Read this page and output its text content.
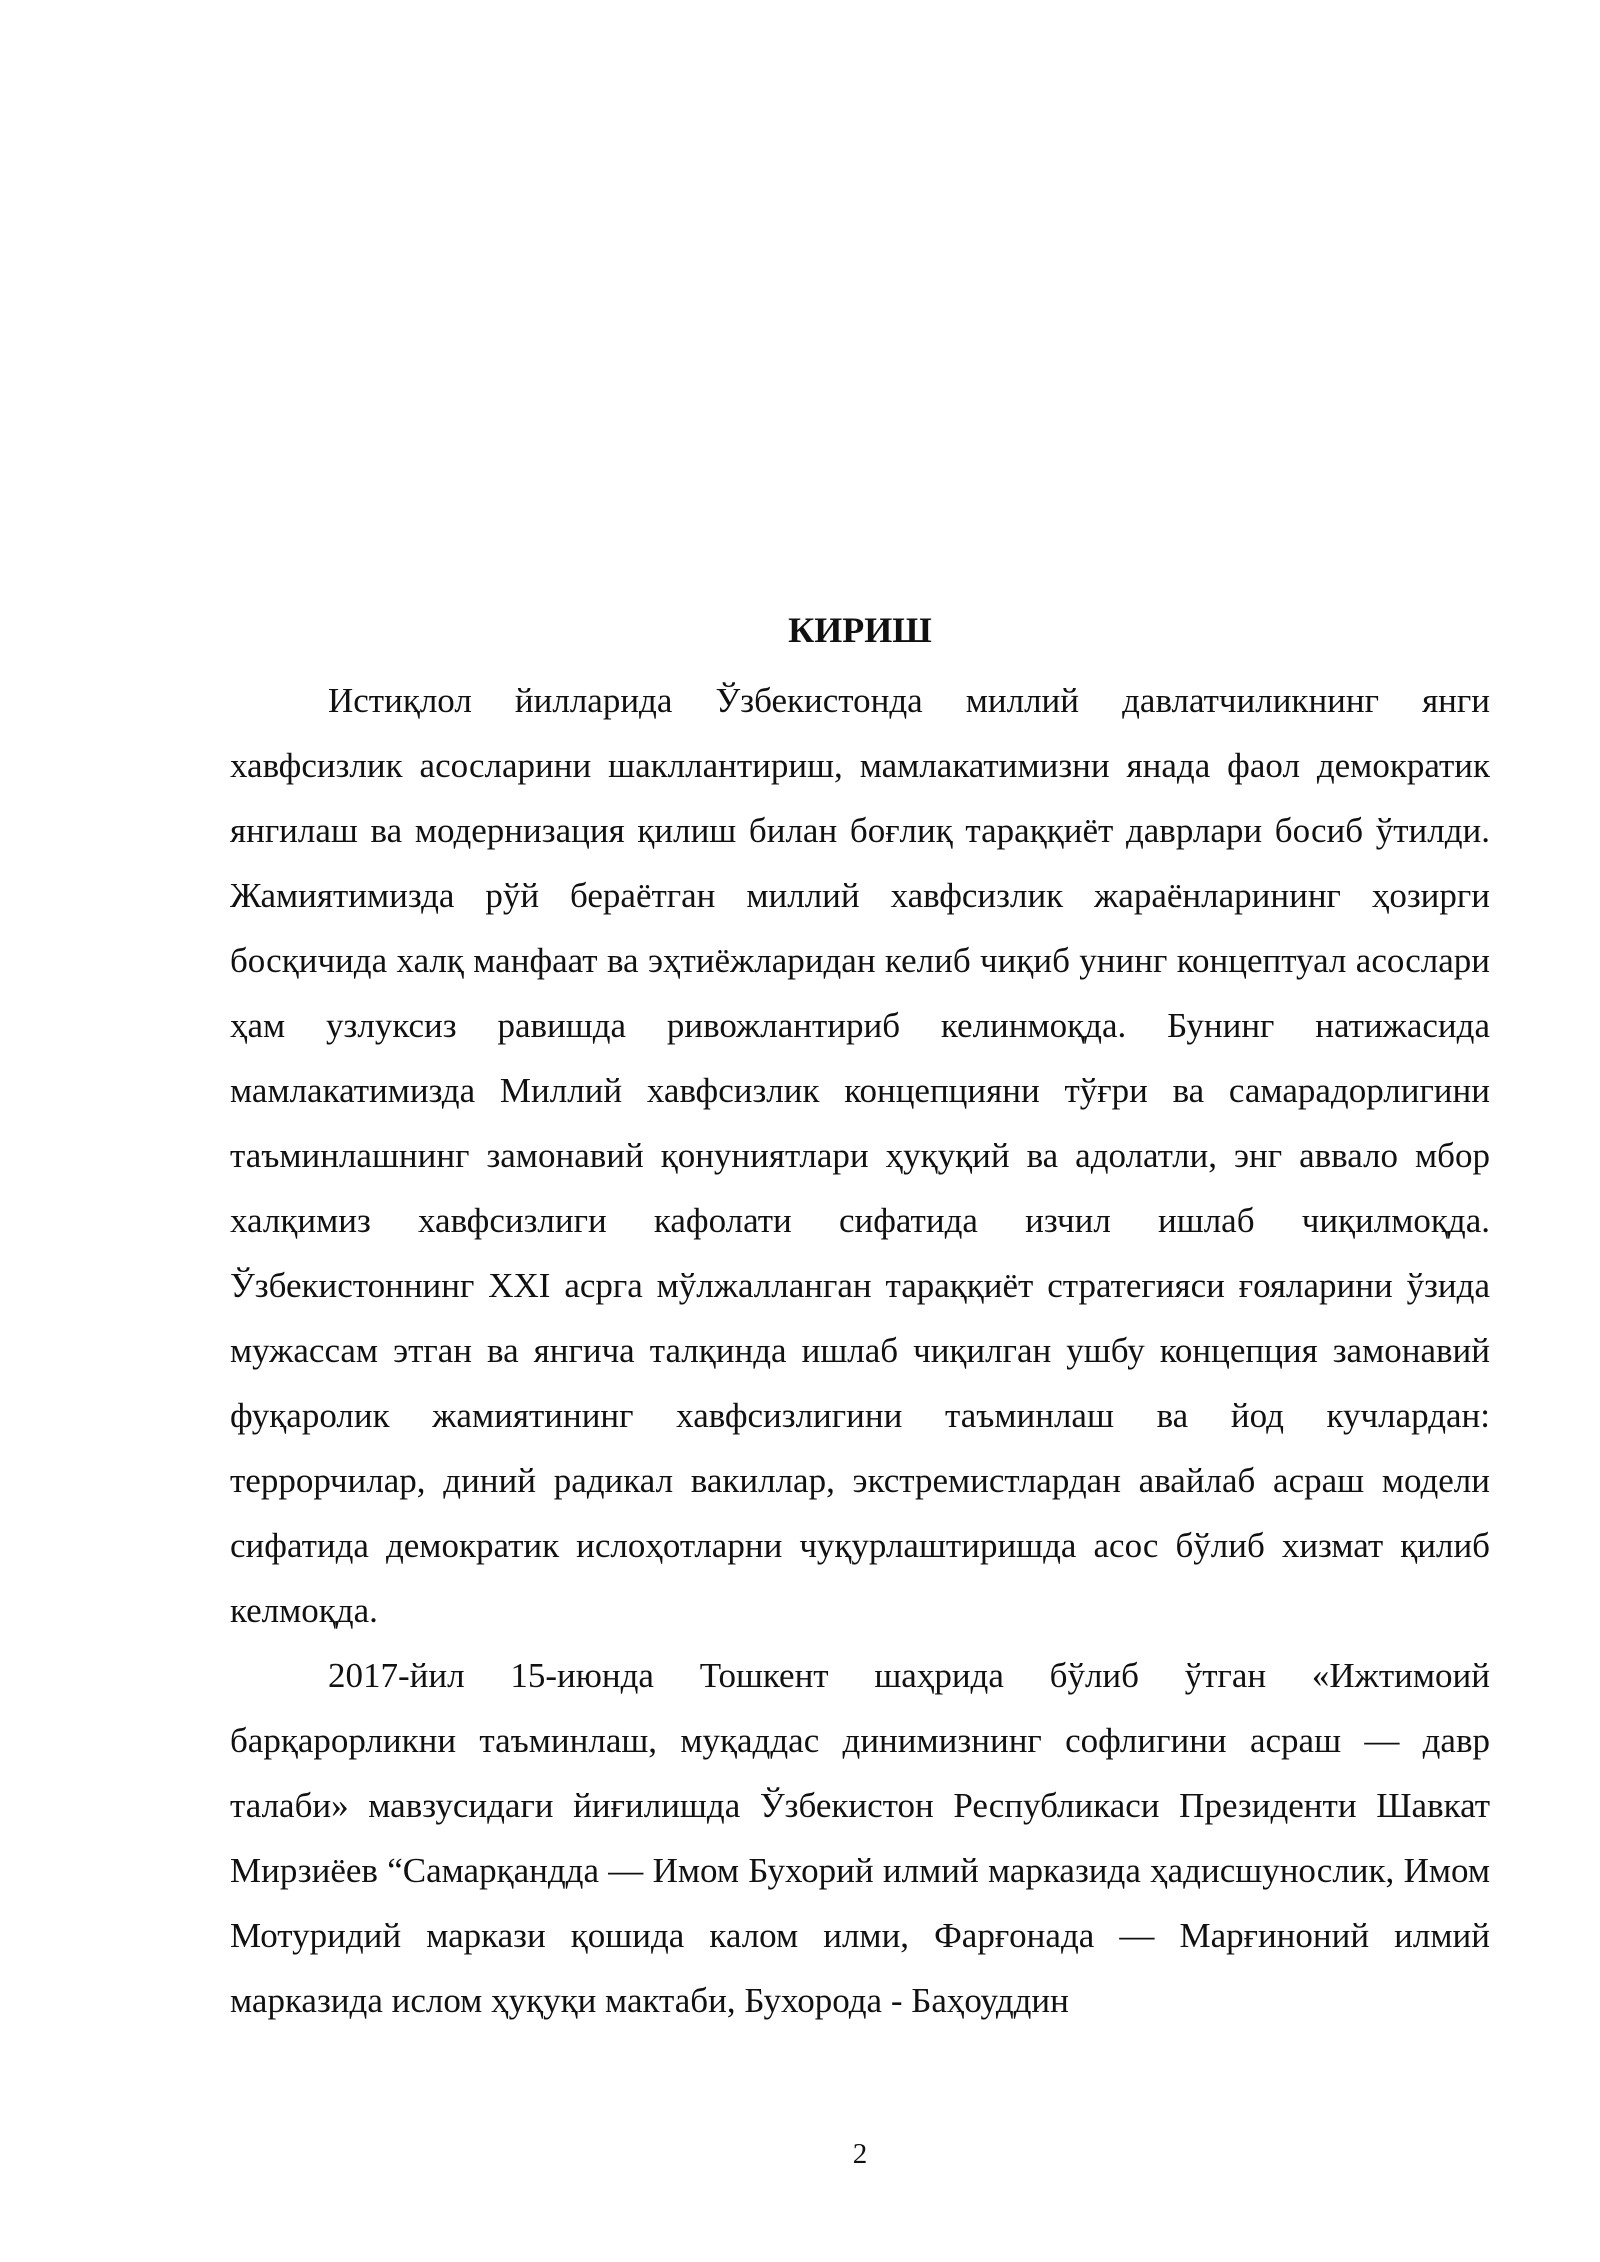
КИРИШ

Истиқлол йилларида Ўзбекистонда миллий давлатчиликнинг янги хавфсизлик асосларини шакллантириш, мамлакатимизни янада фаол демократик янгилаш ва модернизация қилиш билан боғлиқ тараққиёт даврлари босиб ўтилди. Жамиятимизда рўй бераётган миллий хавфсизлик жараёнларининг ҳозирги босқичида халқ манфаат ва эҳтиёжларидан келиб чиқиб унинг концептуал асослари ҳам узлуксиз равишда ривожлантириб келинмоқда. Бунинг натижасида мамлакатимизда Миллий хавфсизлик концепцияни тўғри ва самарадорлигини таъминлашнинг замонавий қонуниятлари ҳуқуқий ва адолатли, энг аввало мбор халқимиз хавфсизлиги кафолати сифатида изчил ишлаб чиқилмоқда. Ўзбекистоннинг XXI асрга мўлжалланган тараққиёт стратегияси ғояларини ўзида мужассам этган ва янгича талқинда ишлаб чиқилган ушбу концепция замонавий фуқаролик жамиятининг хавфсизлигини таъминлаш ва йод кучлардан: террорчилар, диний радикал вакиллар, экстремистлардан авайлаб асраш модели сифатида демократик ислоҳотларни чуқурлаштиришда асос бўлиб хизмат қилиб келмоқда.

2017-йил 15-июнда Тошкент шаҳрида бўлиб ўтган «Ижтимоий барқарорликни таъминлаш, муқаддас динимизнинг софлигини асраш — давр талаби» мавзусидаги йиғилишда Ўзбекистон Республикаси Президенти Шавкат Мирзиёев “Самарқандда — Имом Бухорий илмий марказида ҳадисшунослик, Имом Мотуридий маркази қошида калом илми, Фарғонада — Марғиноний илмий марказида ислом ҳуқуқи мактаби, Бухорода - Баҳоуддин

2
